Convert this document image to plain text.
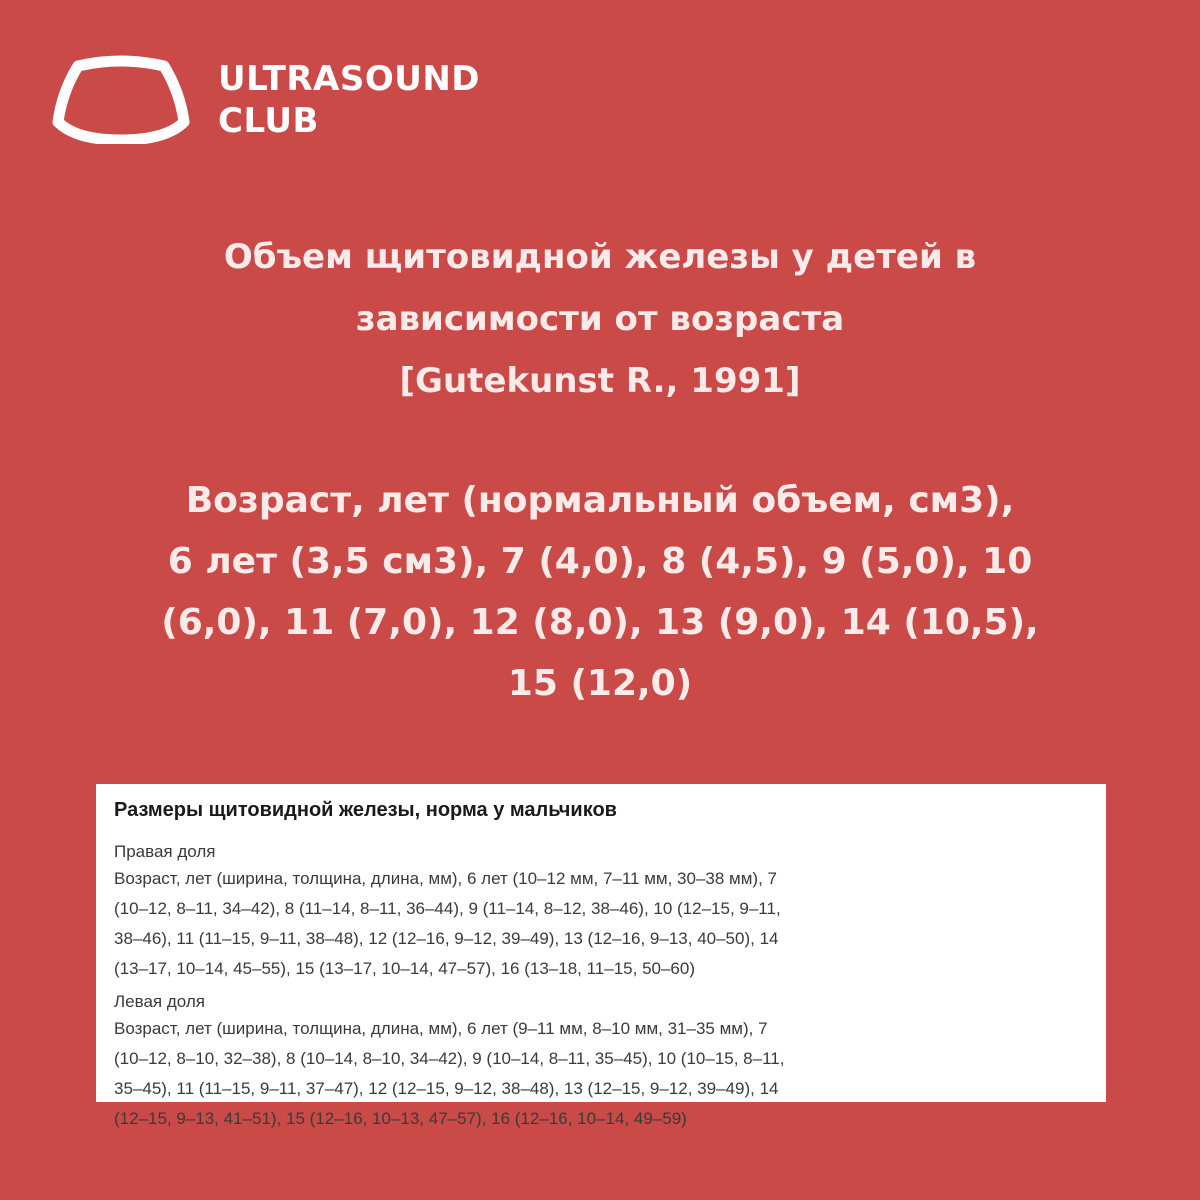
ULTRASOUND
CLUB
Объем щитовидной железы у детей в
зависимости от возраста
[Gutekunst R., 1991]
Возраст, лет (нормальный объем, см3),
6 лет (3,5 см3), 7 (4,0), 8 (4,5), 9 (5,0), 10
(6,0), 11 (7,0), 12 (8,0), 13 (9,0), 14 (10,5),
15 (12,0)
Размеры щитовидной железы, норма у мальчиков
Правая доля
Возраст, лет (ширина, толщина, длина, мм), 6 лет (10–12 мм, 7–11 мм, 30–38 мм), 7
(10–12, 8–11, 34–42), 8 (11–14, 8–11, 36–44), 9 (11–14, 8–12, 38–46), 10 (12–15, 9–11,
38–46), 11 (11–15, 9–11, 38–48), 12 (12–16, 9–12, 39–49), 13 (12–16, 9–13, 40–50), 14
(13–17, 10–14, 45–55), 15 (13–17, 10–14, 47–57), 16 (13–18, 11–15, 50–60)
Левая доля
Возраст, лет (ширина, толщина, длина, мм), 6 лет (9–11 мм, 8–10 мм, 31–35 мм), 7
(10–12, 8–10, 32–38), 8 (10–14, 8–10, 34–42), 9 (10–14, 8–11, 35–45), 10 (10–15, 8–11,
35–45), 11 (11–15, 9–11, 37–47), 12 (12–15, 9–12, 38–48), 13 (12–15, 9–12, 39–49), 14
(12–15, 9–13, 41–51), 15 (12–16, 10–13, 47–57), 16 (12–16, 10–14, 49–59)
